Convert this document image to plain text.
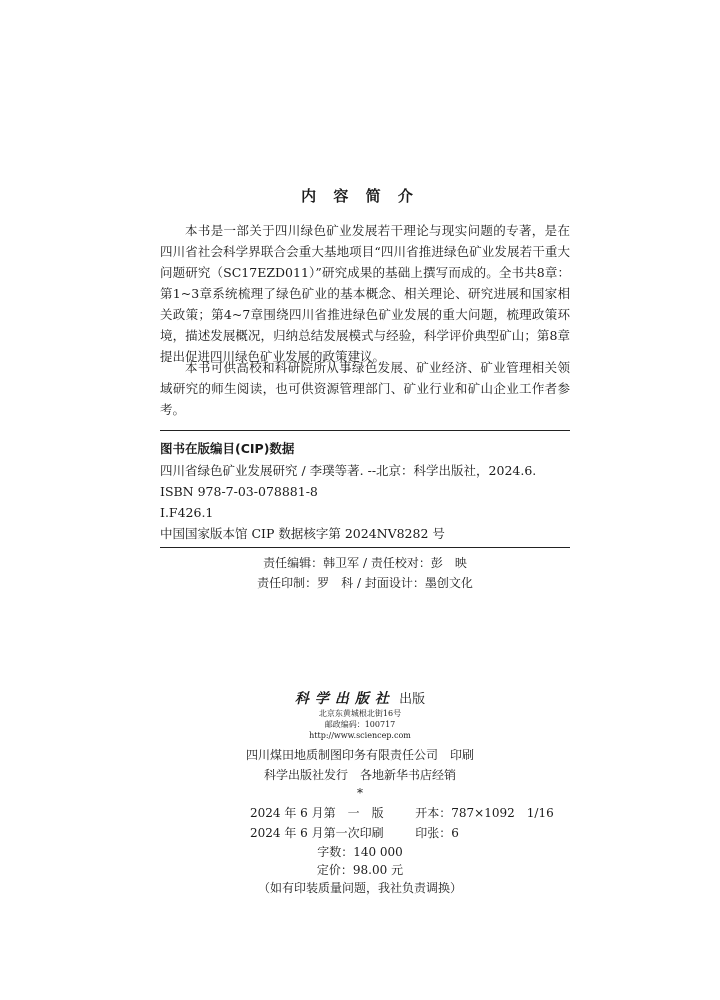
内 容 简 介

本书是一部关于四川绿色矿业发展若干理论与现实问题的专著，是在四川省社会科学界联合会重大基地项目“四川省推进绿色矿业发展若干重大问题研究（SC17EZD011）”研究成果的基础上撰写而成的。全书共8章：第1~3章系统梳理了绿色矿业的基本概念、相关理论、研究进展和国家相关政策；第4~7章围绕四川省推进绿色矿业发展的重大问题，梳理政策环境，描述发展概况，归纳总结发展模式与经验，科学评价典型矿山；第8章提出促进四川绿色矿业发展的政策建议。

本书可供高校和科研院所从事绿色发展、矿业经济、矿业管理相关领域研究的师生阅读，也可供资源管理部门、矿业行业和矿山企业工作者参考。

图书在版编目(CIP)数据
四川省绿色矿业发展研究 / 李璞等著. --北京：科学出版社，2024.6.
ISBN 978-7-03-078881-8
Ⅰ.F426.1
中国国家版本馆 CIP 数据核字第 2024NV8282 号
责任编辑：韩卫军 / 责任校对：彭　映
责任印制：罗　科 / 封面设计：墨创文化
科学出版社 出版
北京东黄城根北街16号
邮政编码：100717
http://www.sciencep.com
四川煤田地质制图印务有限责任公司　印刷
科学出版社发行　各地新华书店经销
*
2024 年 6 月第　一　版	开本：787×1092　1/16
2024 年 6 月第一次印刷	印张：6
字数：140 000
定价：98.00 元
（如有印装质量问题，我社负责调换）
